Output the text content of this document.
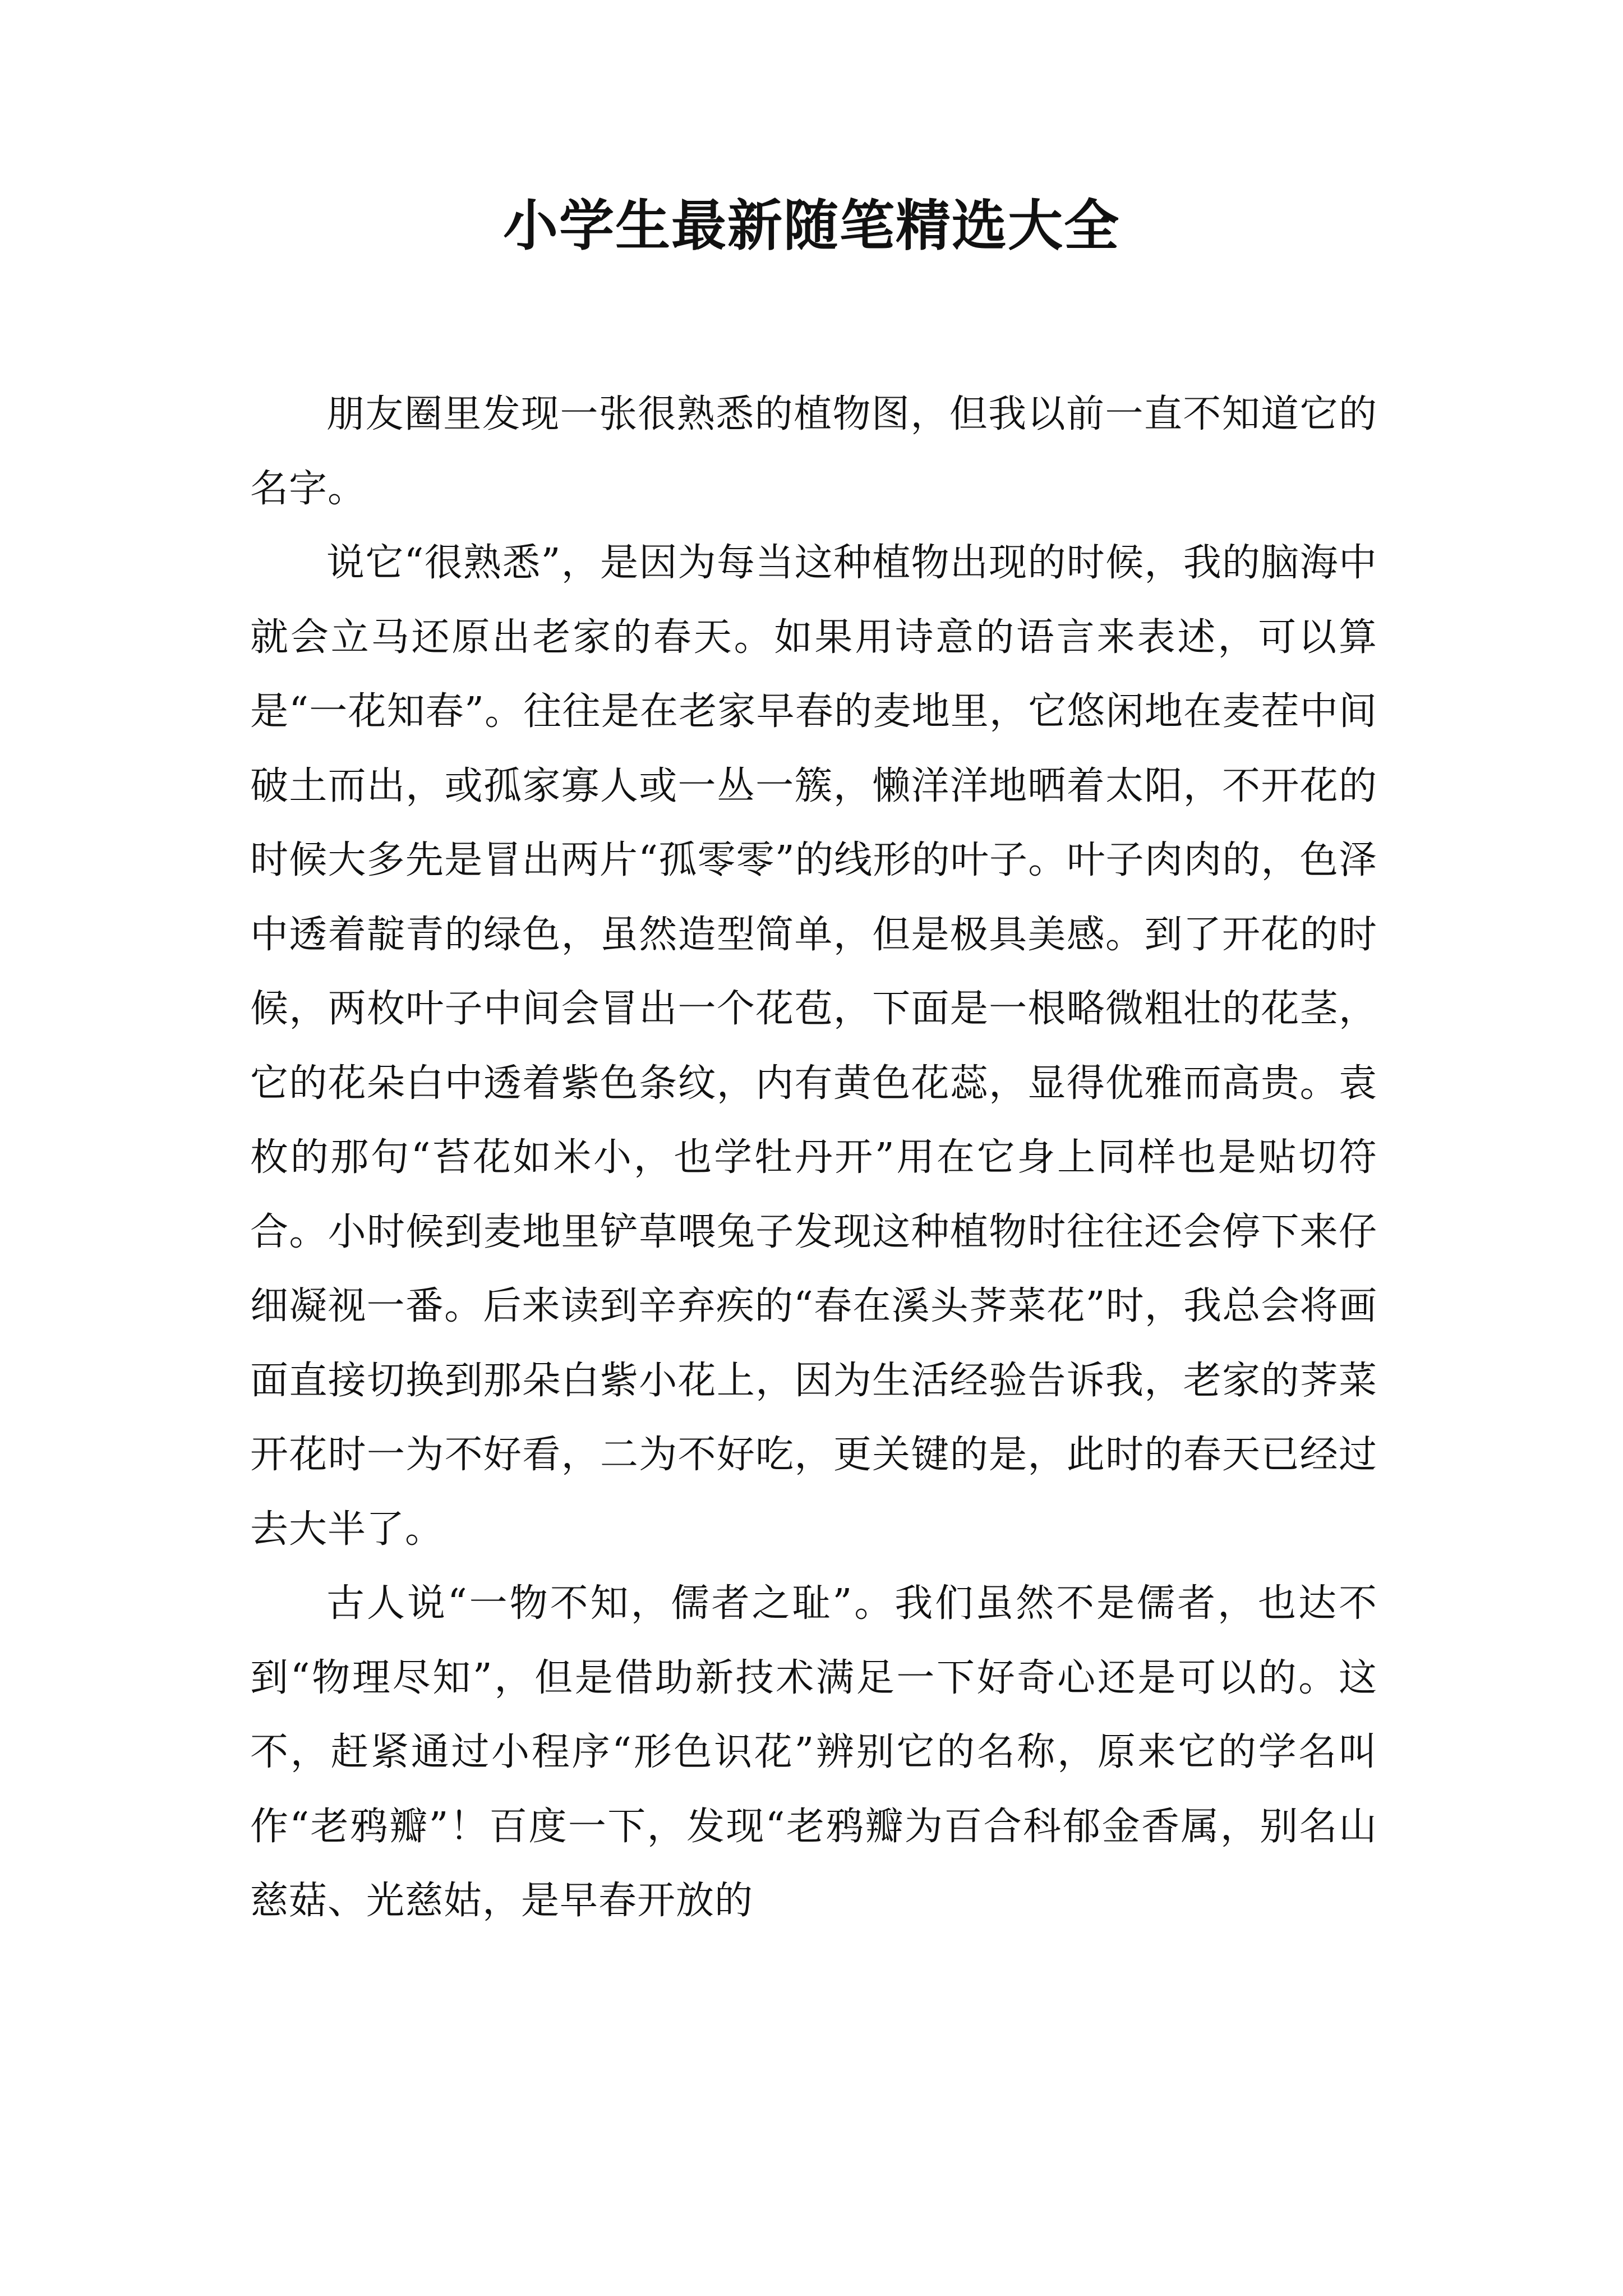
小学生最新随笔精选大全

朋友圈里发现一张很熟悉的植物图，但我以前一直不知道它的名字。

说它“很熟悉”，是因为每当这种植物出现的时候，我的脑海中就会立马还原出老家的春天。如果用诗意的语言来表述，可以算是“一花知春”。往往是在老家早春的麦地里，它悠闲地在麦茬中间破土而出，或孤家寡人或一丛一簇，懒洋洋地晒着太阳，不开花的时候大多先是冒出两片“孤零零”的线形的叶子。叶子肉肉的，色泽中透着靛青的绿色，虽然造型简单，但是极具美感。到了开花的时候，两枚叶子中间会冒出一个花苞，下面是一根略微粗壮的花茎，它的花朵白中透着紫色条纹，内有黄色花蕊，显得优雅而高贵。袁枚的那句“苔花如米小，也学牡丹开”用在它身上同样也是贴切符合。小时候到麦地里铲草喂兔子发现这种植物时往往还会停下来仔细凝视一番。后来读到辛弃疾的“春在溪头荠菜花”时，我总会将画面直接切换到那朵白紫小花上，因为生活经验告诉我，老家的荠菜开花时一为不好看，二为不好吃，更关键的是，此时的春天已经过去大半了。

古人说“一物不知，儒者之耻”。我们虽然不是儒者，也达不到“物理尽知”，但是借助新技术满足一下好奇心还是可以的。这不，赶紧通过小程序“形色识花”辨别它的名称，原来它的学名叫作“老鸦瓣”！百度一下，发现“老鸦瓣为百合科郁金香属，别名山慈菇、光慈姑，是早春开放的
